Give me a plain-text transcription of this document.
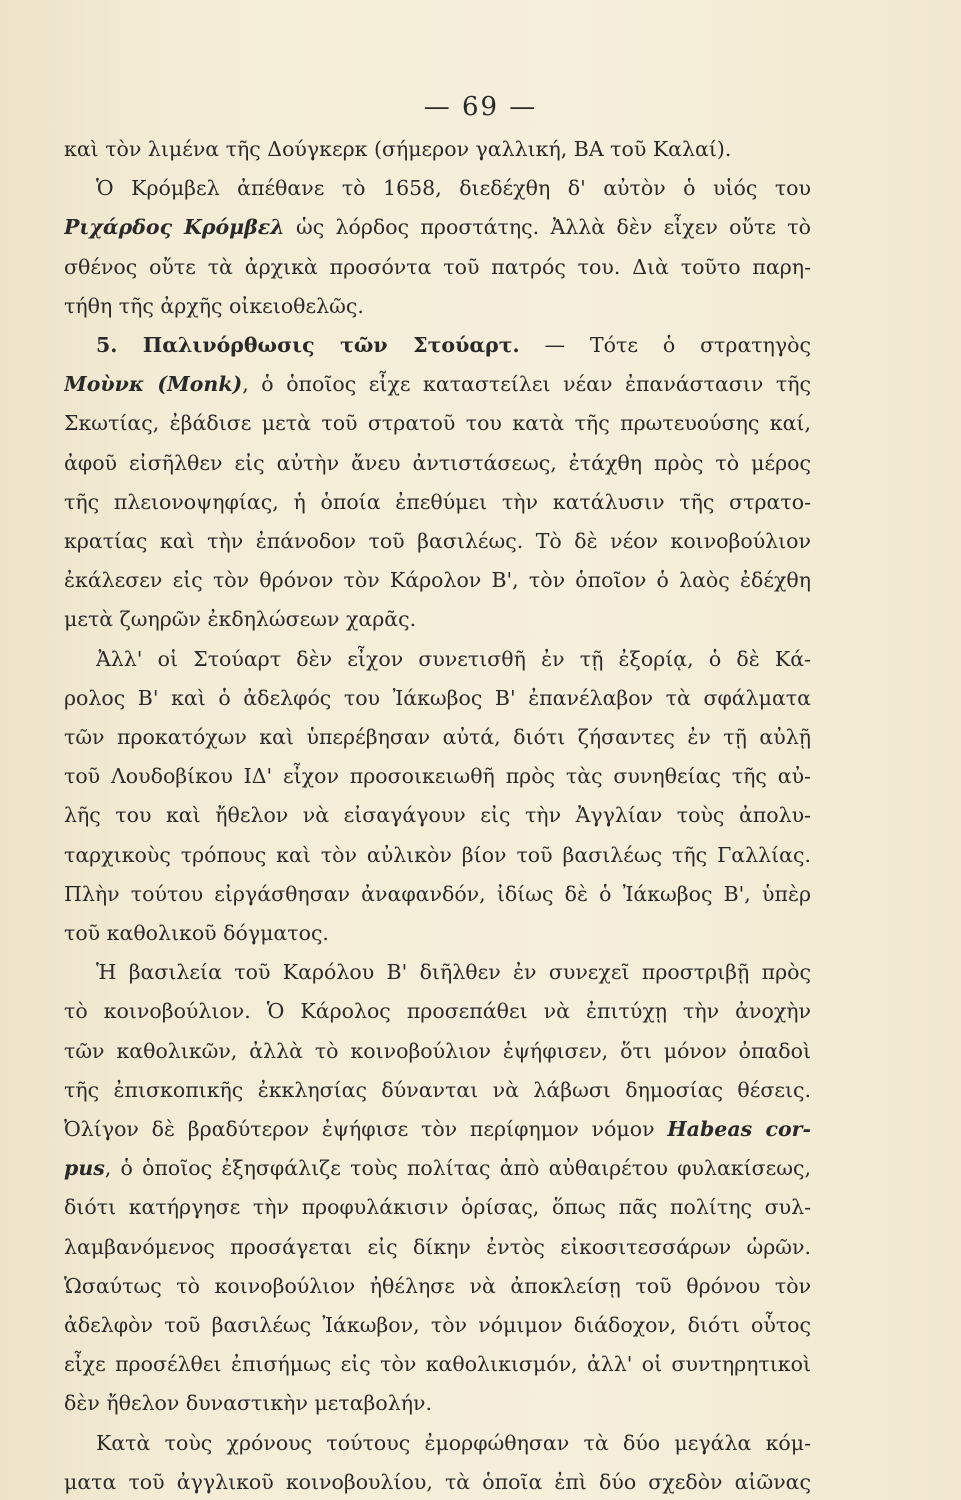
— 69 —
καὶ τὸν λιμένα τῆς Δούγκερκ (σήμερον γαλλική, ΒΑ τοῦ Καλαί).
Ὁ Κρόμβελ ἀπέθανε τὸ 1658, διεδέχθη δ' αὐτὸν ὁ υἱός του
Ριχάρδος Κρόμβελ ὡς λόρδος προστάτης. Ἀλλὰ δὲν εἶχεν οὔτε τὸ
σθένος οὔτε τὰ ἀρχικὰ προσόντα τοῦ πατρός του. Διὰ τοῦτο παρη-
τήθη τῆς ἀρχῆς οἰκειοθελῶς.
5. Παλινόρθωσις τῶν Στούαρτ. — Τότε ὁ στρατηγὸς
Μοὺνκ (Monk), ὁ ὁποῖος εἶχε καταστείλει νέαν ἐπανάστασιν τῆς
Σκωτίας, ἐβάδισε μετὰ τοῦ στρατοῦ του κατὰ τῆς πρωτευούσης καί,
ἀφοῦ εἰσῆλθεν εἰς αὐτὴν ἄνευ ἀντιστάσεως, ἐτάχθη πρὸς τὸ μέρος
τῆς πλειονοψηφίας, ἡ ὁποία ἐπεθύμει τὴν κατάλυσιν τῆς στρατο-
κρατίας καὶ τὴν ἐπάνοδον τοῦ βασιλέως. Τὸ δὲ νέον κοινοβούλιον
ἐκάλεσεν εἰς τὸν θρόνον τὸν Κάρολον Β', τὸν ὁποῖον ὁ λαὸς ἐδέχθη
μετὰ ζωηρῶν ἐκδηλώσεων χαρᾶς.
Ἀλλ' οἱ Στούαρτ δὲν εἶχον συνετισθῆ ἐν τῇ ἐξορίᾳ, ὁ δὲ Κά-
ρολος Β' καὶ ὁ ἀδελφός του Ἰάκωβος Β' ἐπανέλαβον τὰ σφάλματα
τῶν προκατόχων καὶ ὑπερέβησαν αὐτά, διότι ζήσαντες ἐν τῇ αὐλῇ
τοῦ Λουδοβίκου ΙΔ' εἶχον προσοικειωθῆ πρὸς τὰς συνηθείας τῆς αὐ-
λῆς του καὶ ἤθελον νὰ εἰσαγάγουν εἰς τὴν Ἀγγλίαν τοὺς ἀπολυ-
ταρχικοὺς τρόπους καὶ τὸν αὐλικὸν βίον τοῦ βασιλέως τῆς Γαλλίας.
Πλὴν τούτου εἰργάσθησαν ἀναφανδόν, ἰδίως δὲ ὁ Ἰάκωβος Β', ὑπὲρ
τοῦ καθολικοῦ δόγματος.
Ἡ βασιλεία τοῦ Καρόλου Β' διῆλθεν ἐν συνεχεῖ προστριβῇ πρὸς
τὸ κοινοβούλιον. Ὁ Κάρολος προσεπάθει νὰ ἐπιτύχῃ τὴν ἀνοχὴν
τῶν καθολικῶν, ἀλλὰ τὸ κοινοβούλιον ἐψήφισεν, ὅτι μόνον ὀπαδοὶ
τῆς ἐπισκοπικῆς ἐκκλησίας δύνανται νὰ λάβωσι δημοσίας θέσεις.
Ὀλίγον δὲ βραδύτερον ἐψήφισε τὸν περίφημον νόμον Habeas cor-
pus, ὁ ὁποῖος ἐξησφάλιζε τοὺς πολίτας ἀπὸ αὐθαιρέτου φυλακίσεως,
διότι κατήργησε τὴν προφυλάκισιν ὁρίσας, ὅπως πᾶς πολίτης συλ-
λαμβανόμενος προσάγεται εἰς δίκην ἐντὸς εἰκοσιτεσσάρων ὡρῶν.
Ὡσαύτως τὸ κοινοβούλιον ἠθέλησε νὰ ἀποκλείσῃ τοῦ θρόνου τὸν
ἀδελφὸν τοῦ βασιλέως Ἰάκωβον, τὸν νόμιμον διάδοχον, διότι οὗτος
εἶχε προσέλθει ἐπισήμως εἰς τὸν καθολικισμόν, ἀλλ' οἱ συντηρητικοὶ
δὲν ἤθελον δυναστικὴν μεταβολήν.
Κατὰ τοὺς χρόνους τούτους ἐμορφώθησαν τὰ δύο μεγάλα κόμ-
ματα τοῦ ἀγγλικοῦ κοινοβουλίου, τὰ ὁποῖα ἐπὶ δύο σχεδὸν αἰῶνας
